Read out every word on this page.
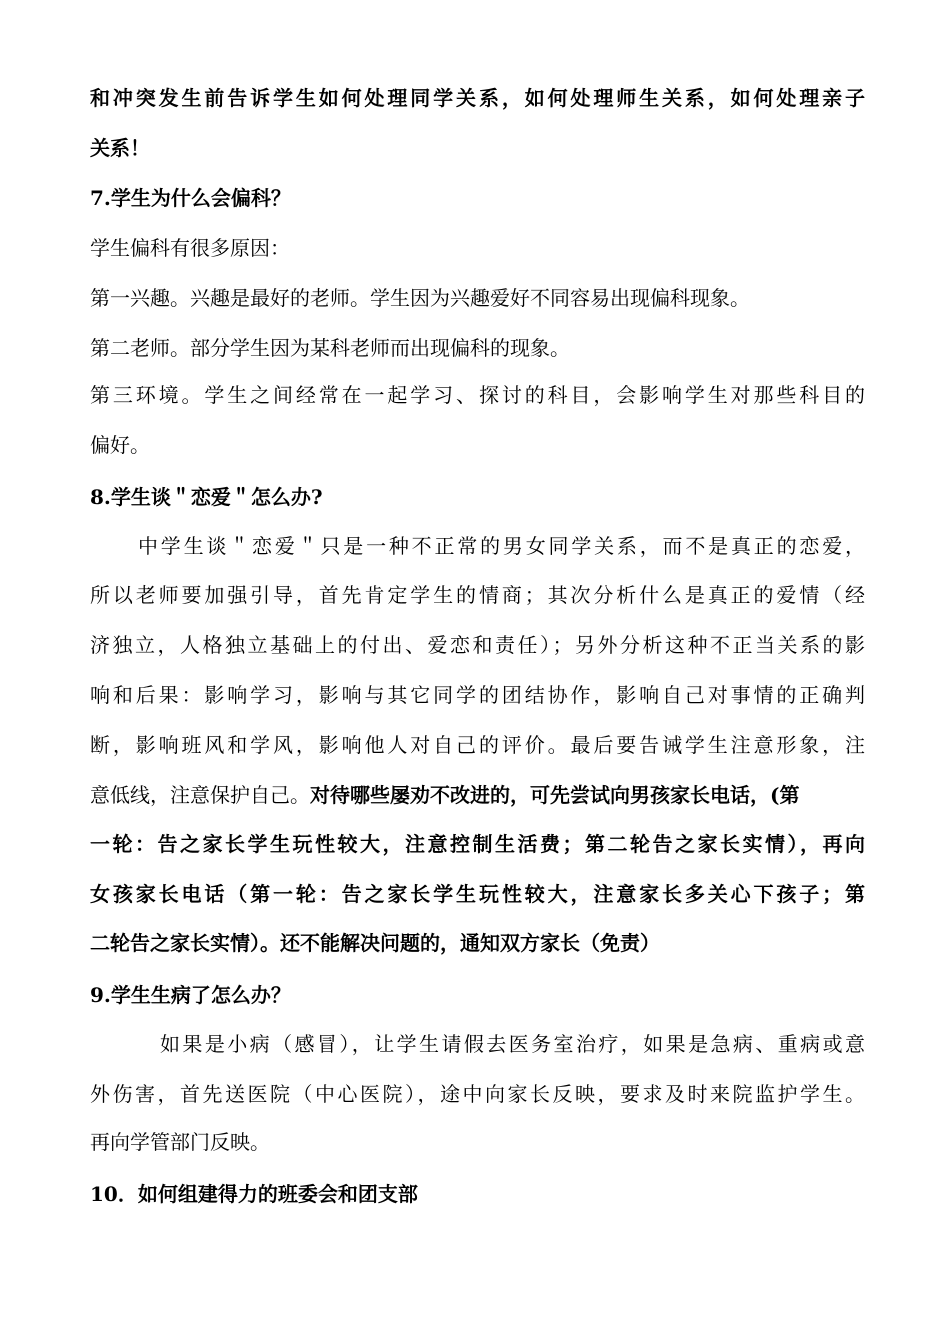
和冲突发生前告诉学生如何处理同学关系，如何处理师生关系，如何处理亲子
关系！
7.学生为什么会偏科？
学生偏科有很多原因：
第一兴趣。兴趣是最好的老师。学生因为兴趣爱好不同容易出现偏科现象。
第二老师。部分学生因为某科老师而出现偏科的现象。
第三环境。学生之间经常在一起学习、探讨的科目，会影响学生对那些科目的
偏好。
8.学生谈＂恋爱＂怎么办?
中学生谈＂恋爱＂只是一种不正常的男女同学关系，而不是真正的恋爱，
所以老师要加强引导，首先肯定学生的情商；其次分析什么是真正的爱情（经
济独立，人格独立基础上的付出、爱恋和责任）；另外分析这种不正当关系的影
响和后果：影响学习，影响与其它同学的团结协作，影响自己对事情的正确判
断，影响班风和学风，影响他人对自己的评价。最后要告诫学生注意形象，注
意低线，注意保护自己。对待哪些屡劝不改进的，可先尝试向男孩家长电话，(第
一轮：告之家长学生玩性较大，注意控制生活费；第二轮告之家长实情），再向
女孩家长电话（第一轮：告之家长学生玩性较大，注意家长多关心下孩子；第
二轮告之家长实情）。还不能解决问题的，通知双方家长（免责）
9.学生生病了怎么办？
如果是小病（感冒），让学生请假去医务室治疗，如果是急病、重病或意
外伤害，首先送医院（中心医院），途中向家长反映，要求及时来院监护学生。
再向学管部门反映。
10．如何组建得力的班委会和团支部
